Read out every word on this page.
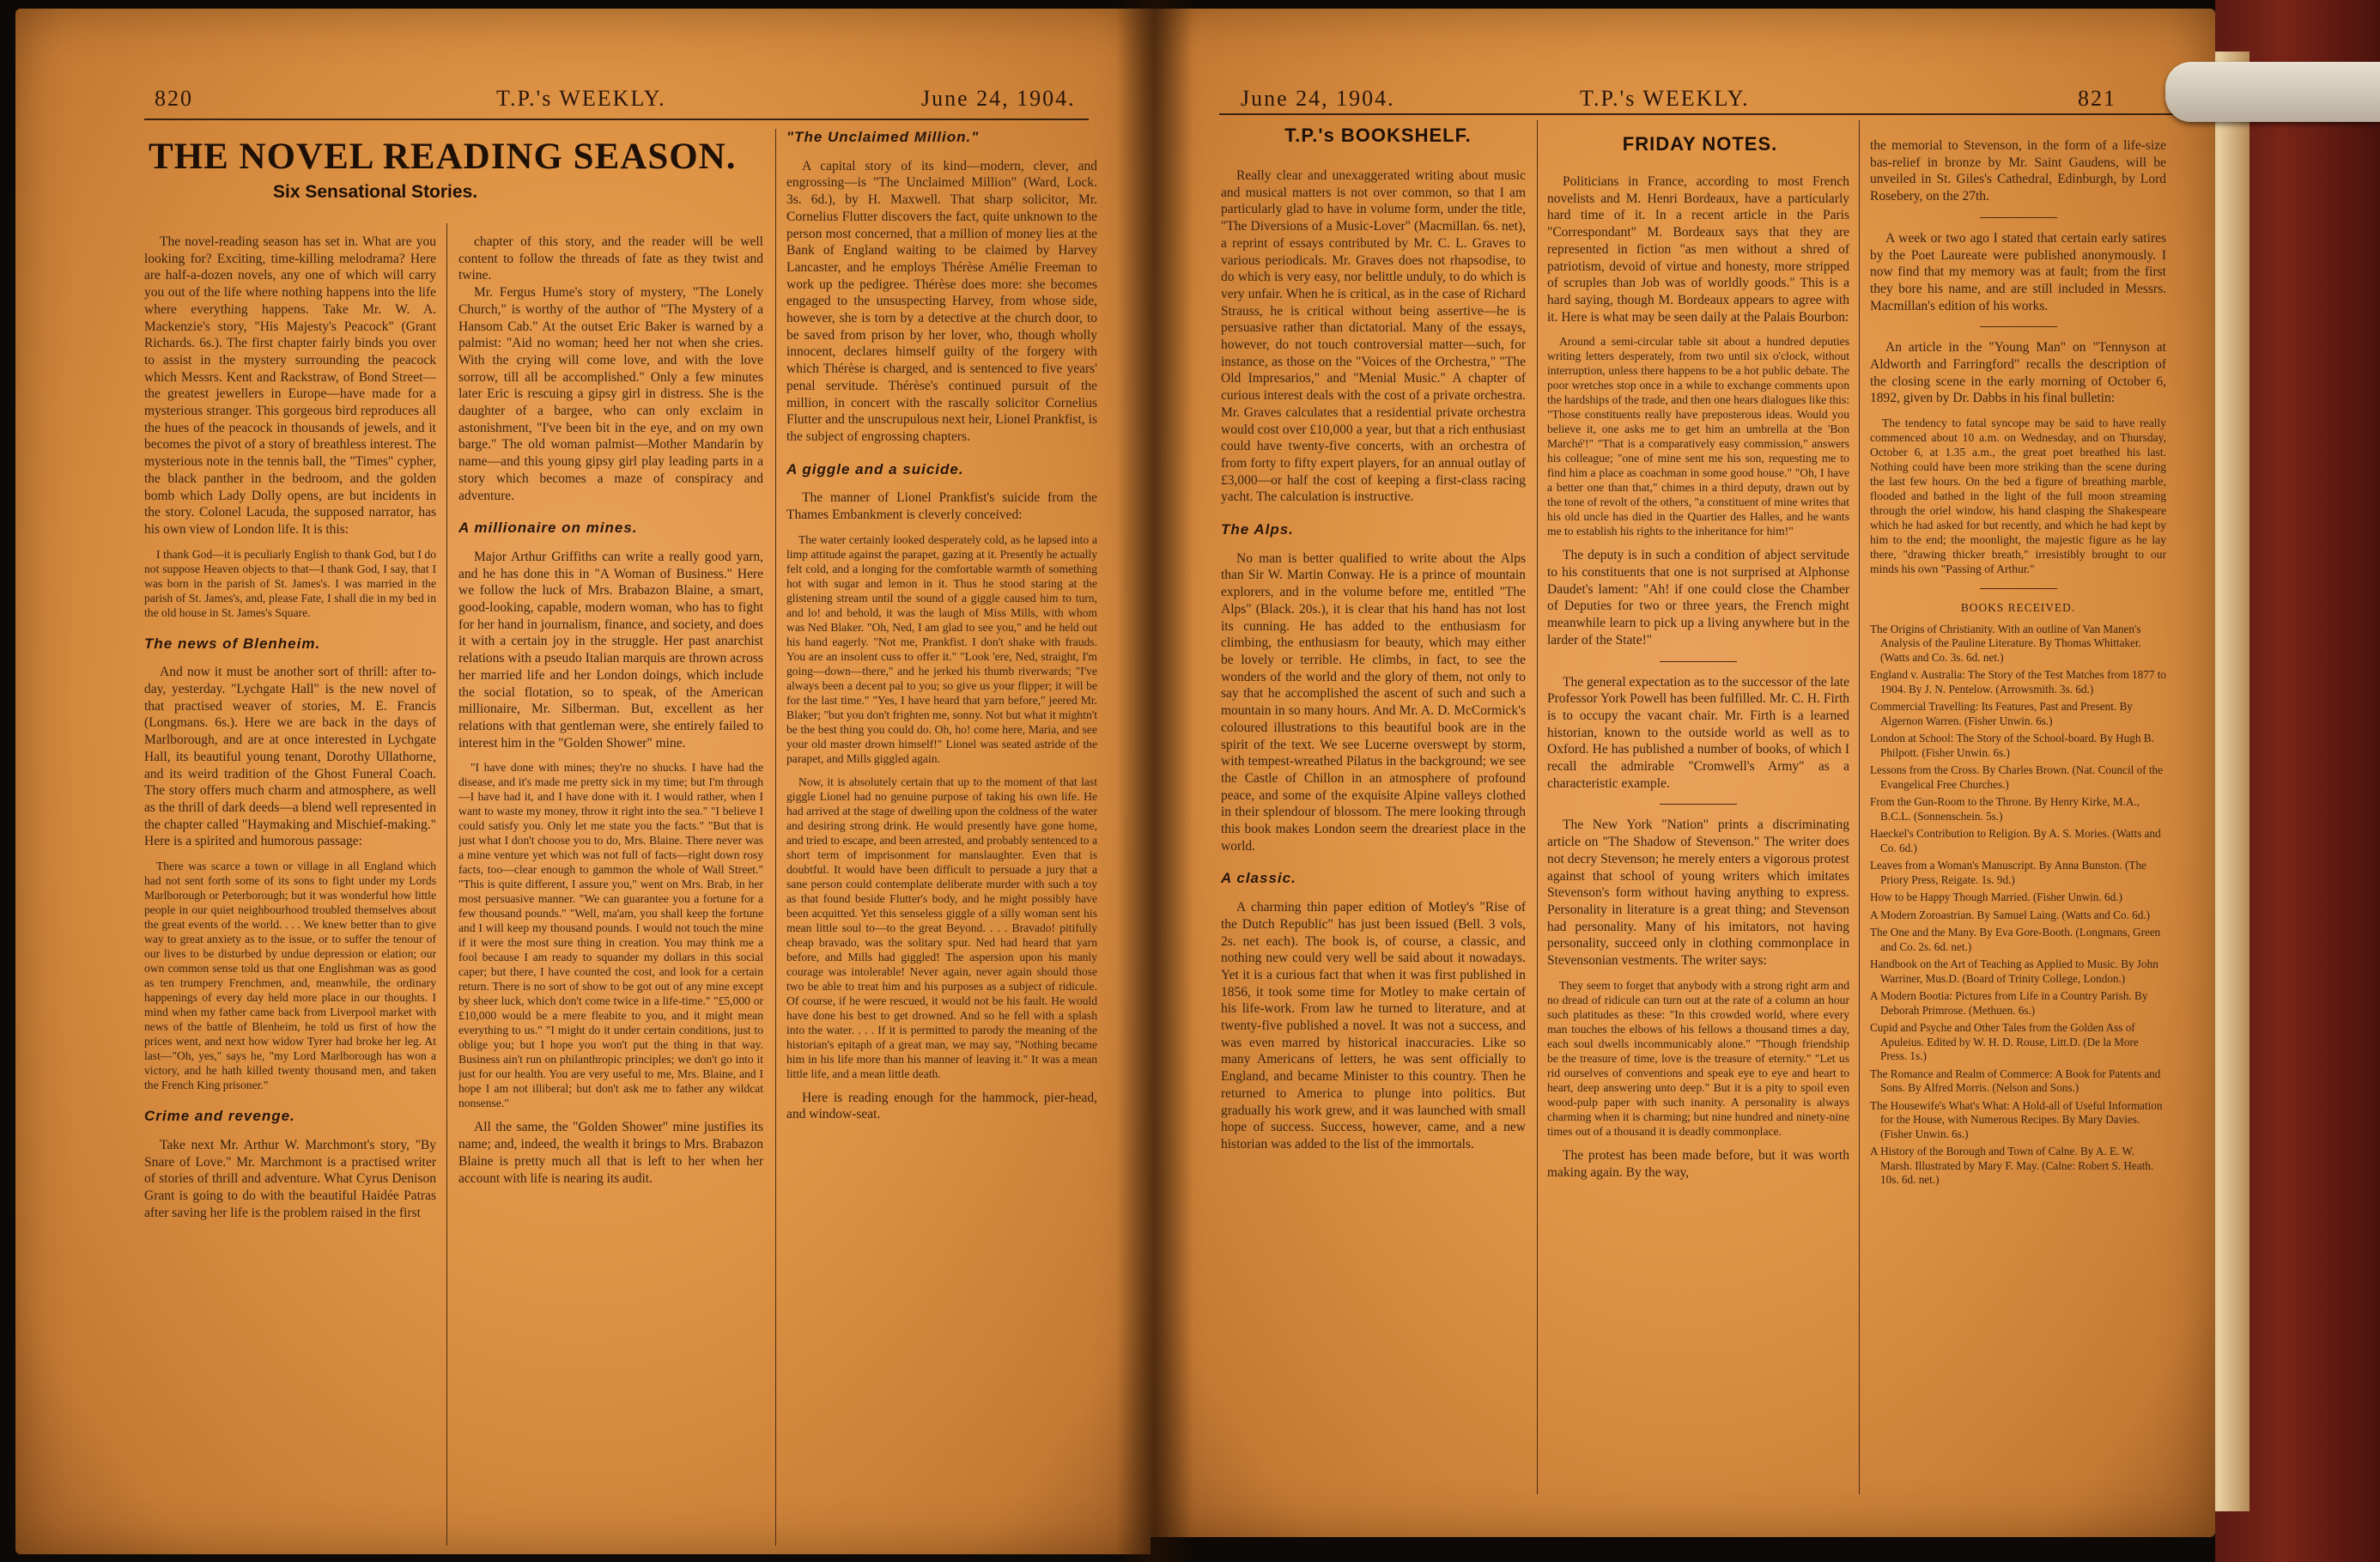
820	T.P.'s WEEKLY.	June 24, 1904.
THE NOVEL READING SEASON.
Six Sensational Stories.

The novel-reading season has set in. What are you looking for? Exciting, time-killing melodrama? Here are half-a-dozen novels, any one of which will carry you out of the life where nothing happens into the life where everything happens. Take Mr. W. A. Mackenzie's story, "His Majesty's Peacock" (Grant Richards. 6s.). The first chapter fairly binds you over to assist in the mystery surrounding the peacock which Messrs. Kent and Rackstraw, of Bond Street—the greatest jewellers in Europe—have made for a mysterious stranger. This gorgeous bird reproduces all the hues of the peacock in thousands of jewels, and it becomes the pivot of a story of breathless interest. The mysterious note in the tennis ball, the "Times" cypher, the black panther in the bedroom, and the golden bomb which Lady Dolly opens, are but incidents in the story. Colonel Lacuda, the supposed narrator, has his own view of London life. It is this:

I thank God—it is peculiarly English to thank God, but I do not suppose Heaven objects to that—I thank God, I say, that I was born in the parish of St. James's. I was married in the parish of St. James's, and, please Fate, I shall die in my bed in the old house in St. James's Square.

The news of Blenheim.

And now it must be another sort of thrill: after to-day, yesterday. "Lychgate Hall" is the new novel of that practised weaver of stories, M. E. Francis (Longmans. 6s.). Here we are back in the days of Marlborough, and are at once interested in Lychgate Hall, its beautiful young tenant, Dorothy Ullathorne, and its weird tradition of the Ghost Funeral Coach. The story offers much charm and atmosphere, as well as the thrill of dark deeds—a blend well represented in the chapter called "Haymaking and Mischief-making." Here is a spirited and humorous passage:

There was scarce a town or village in all England which had not sent forth some of its sons to fight under my Lords Marlborough or Peterborough; but it was wonderful how little people in our quiet neighbourhood troubled themselves about the great events of the world. . . . We knew better than to give way to great anxiety as to the issue, or to suffer the tenour of our lives to be disturbed by undue depression or elation; our own common sense told us that one Englishman was as good as ten trumpery Frenchmen, and, meanwhile, the ordinary happenings of every day held more place in our thoughts. I mind when my father came back from Liverpool market with news of the battle of Blenheim, he told us first of how the prices went, and next how widow Tyrer had broke her leg. At last—"Oh, yes," says he, "my Lord Marlborough has won a victory, and he hath killed twenty thousand men, and taken the French King prisoner."

Crime and revenge.

Take next Mr. Arthur W. Marchmont's story, "By Snare of Love." Mr. Marchmont is a practised writer of stories of thrill and adventure. What Cyrus Denison Grant is going to do with the beautiful Haidée Patras after saving her life is the problem raised in the first

chapter of this story, and the reader will be well content to follow the threads of fate as they twist and twine.

Mr. Fergus Hume's story of mystery, "The Lonely Church," is worthy of the author of "The Mystery of a Hansom Cab." At the outset Eric Baker is warned by a palmist: "Aid no woman; heed her not when she cries. With the crying will come love, and with the love sorrow, till all be accomplished." Only a few minutes later Eric is rescuing a gipsy girl in distress. She is the daughter of a bargee, who can only exclaim in astonishment, "I've been bit in the eye, and on my own barge." The old woman palmist—Mother Mandarin by name—and this young gipsy girl play leading parts in a story which becomes a maze of conspiracy and adventure.

A millionaire on mines.

Major Arthur Griffiths can write a really good yarn, and he has done this in "A Woman of Business." Here we follow the luck of Mrs. Brabazon Blaine, a smart, good-looking, capable, modern woman, who has to fight for her hand in journalism, finance, and society, and does it with a certain joy in the struggle. Her past anarchist relations with a pseudo Italian marquis are thrown across her married life and her London doings, which include the social flotation, so to speak, of the American millionaire, Mr. Silberman. But, excellent as her relations with that gentleman were, she entirely failed to interest him in the "Golden Shower" mine.

"I have done with mines; they're no shucks. I have had the disease, and it's made me pretty sick in my time; but I'm through—I have had it, and I have done with it. I would rather, when I want to waste my money, throw it right into the sea." "I believe I could satisfy you. Only let me state you the facts." "But that is just what I don't choose you to do, Mrs. Blaine. There never was a mine venture yet which was not full of facts—right down rosy facts, too—clear enough to gammon the whole of Wall Street." "This is quite different, I assure you," went on Mrs. Brab, in her most persuasive manner. "We can guarantee you a fortune for a few thousand pounds." "Well, ma'am, you shall keep the fortune and I will keep my thousand pounds. I would not touch the mine if it were the most sure thing in creation. You may think me a fool because I am ready to squander my dollars in this social caper; but there, I have counted the cost, and look for a certain return. There is no sort of show to be got out of any mine except by sheer luck, which don't come twice in a life-time." "£5,000 or £10,000 would be a mere fleabite to you, and it might mean everything to us." "I might do it under certain conditions, just to oblige you; but I hope you won't put the thing in that way. Business ain't run on philanthropic principles; we don't go into it just for our health. You are very useful to me, Mrs. Blaine, and I hope I am not illiberal; but don't ask me to father any wildcat nonsense."

All the same, the "Golden Shower" mine justifies its name; and, indeed, the wealth it brings to Mrs. Brabazon Blaine is pretty much all that is left to her when her account with life is nearing its audit.

"The Unclaimed Million."

A capital story of its kind—modern, clever, and engrossing—is "The Unclaimed Million" (Ward, Lock. 3s. 6d.), by H. Maxwell. That sharp solicitor, Mr. Cornelius Flutter discovers the fact, quite unknown to the person most concerned, that a million of money lies at the Bank of England waiting to be claimed by Harvey Lancaster, and he employs Thérèse Amélie Freeman to work up the pedigree. Thérèse does more: she becomes engaged to the unsuspecting Harvey, from whose side, however, she is torn by a detective at the church door, to be saved from prison by her lover, who, though wholly innocent, declares himself guilty of the forgery with which Thérèse is charged, and is sentenced to five years' penal servitude. Thérèse's continued pursuit of the million, in concert with the rascally solicitor Cornelius Flutter and the unscrupulous next heir, Lionel Prankfist, is the subject of engrossing chapters.

A giggle and a suicide.

The manner of Lionel Prankfist's suicide from the Thames Embankment is cleverly conceived:

The water certainly looked desperately cold, as he lapsed into a limp attitude against the parapet, gazing at it. Presently he actually felt cold, and a longing for the comfortable warmth of something hot with sugar and lemon in it. Thus he stood staring at the glistening stream until the sound of a giggle caused him to turn, and lo! and behold, it was the laugh of Miss Mills, with whom was Ned Blaker. "Oh, Ned, I am glad to see you," and he held out his hand eagerly. "Not me, Prankfist. I don't shake with frauds. You are an insolent cuss to offer it." "Look 'ere, Ned, straight, I'm going—down—there," and he jerked his thumb riverwards; "I've always been a decent pal to you; so give us your flipper; it will be for the last time." "Yes, I have heard that yarn before," jeered Mr. Blaker; "but you don't frighten me, sonny. Not but what it mightn't be the best thing you could do. Oh, ho! come here, Maria, and see your old master drown himself!" Lionel was seated astride of the parapet, and Mills giggled again.

Now, it is absolutely certain that up to the moment of that last giggle Lionel had no genuine purpose of taking his own life. He had arrived at the stage of dwelling upon the coldness of the water and desiring strong drink. He would presently have gone home, and tried to escape, and been arrested, and probably sentenced to a short term of imprisonment for manslaughter. Even that is doubtful. It would have been difficult to persuade a jury that a sane person could contemplate deliberate murder with such a toy as that found beside Flutter's body, and he might possibly have been acquitted. Yet this senseless giggle of a silly woman sent his mean little soul to—to the great Beyond. . . . Bravado! pitifully cheap bravado, was the solitary spur. Ned had heard that yarn before, and Mills had giggled! The aspersion upon his manly courage was intolerable! Never again, never again should those two be able to treat him and his purposes as a subject of ridicule. Of course, if he were rescued, it would not be his fault. He would have done his best to get drowned. And so he fell with a splash into the water. . . . If it is permitted to parody the meaning of the historian's epitaph of a great man, we may say, "Nothing became him in his life more than his manner of leaving it." It was a mean little life, and a mean little death.

Here is reading enough for the hammock, pier-head, and window-seat.

June 24, 1904.	T.P.'s WEEKLY.	821
T.P.'s BOOKSHELF.	FRIDAY NOTES.

Really clear and unexaggerated writing about music and musical matters is not over common, so that I am particularly glad to have in volume form, under the title, "The Diversions of a Music-Lover" (Macmillan. 6s. net), a reprint of essays contributed by Mr. C. L. Graves to various periodicals. Mr. Graves does not rhapsodise, to do which is very easy, nor belittle unduly, to do which is very unfair. When he is critical, as in the case of Richard Strauss, he is critical without being assertive—he is persuasive rather than dictatorial. Many of the essays, however, do not touch controversial matter—such, for instance, as those on the "Voices of the Orchestra," "The Old Impresarios," and "Menial Music." A chapter of curious interest deals with the cost of a private orchestra. Mr. Graves calculates that a residential private orchestra would cost over £10,000 a year, but that a rich enthusiast could have twenty-five concerts, with an orchestra of from forty to fifty expert players, for an annual outlay of £3,000—or half the cost of keeping a first-class racing yacht. The calculation is instructive.

The Alps.

No man is better qualified to write about the Alps than Sir W. Martin Conway. He is a prince of mountain explorers, and in the volume before me, entitled "The Alps" (Black. 20s.), it is clear that his hand has not lost its cunning. He has added to the enthusiasm for climbing, the enthusiasm for beauty, which may either be lovely or terrible. He climbs, in fact, to see the wonders of the world and the glory of them, not only to say that he accomplished the ascent of such and such a mountain in so many hours. And Mr. A. D. McCormick's coloured illustrations to this beautiful book are in the spirit of the text. We see Lucerne overswept by storm, with tempest-wreathed Pilatus in the background; we see the Castle of Chillon in an atmosphere of profound peace, and some of the exquisite Alpine valleys clothed in their splendour of blossom. The mere looking through this book makes London seem the dreariest place in the world.

A classic.

A charming thin paper edition of Motley's "Rise of the Dutch Republic" has just been issued (Bell. 3 vols, 2s. net each). The book is, of course, a classic, and nothing new could very well be said about it nowadays. Yet it is a curious fact that when it was first published in 1856, it took some time for Motley to make certain of his life-work. From law he turned to literature, and at twenty-five published a novel. It was not a success, and was even marred by historical inaccuracies. Like so many Americans of letters, he was sent officially to England, and became Minister to this country. Then he returned to America to plunge into politics. But gradually his work grew, and it was launched with small hope of success. Success, however, came, and a new historian was added to the list of the immortals.

Politicians in France, according to most French novelists and M. Henri Bordeaux, have a particularly hard time of it. In a recent article in the Paris "Correspondant" M. Bordeaux says that they are represented in fiction "as men without a shred of patriotism, devoid of virtue and honesty, more stripped of scruples than Job was of worldly goods." This is a hard saying, though M. Bordeaux appears to agree with it. Here is what may be seen daily at the Palais Bourbon:

Around a semi-circular table sit about a hundred deputies writing letters desperately, from two until six o'clock, without interruption, unless there happens to be a hot public debate. The poor wretches stop once in a while to exchange comments upon the hardships of the trade, and then one hears dialogues like this: "Those constituents really have preposterous ideas. Would you believe it, one asks me to get him an umbrella at the 'Bon Marché'!" "That is a comparatively easy commission," answers his colleague; "one of mine sent me his son, requesting me to find him a place as coachman in some good house." "Oh, I have a better one than that," chimes in a third deputy, drawn out by the tone of revolt of the others, "a constituent of mine writes that his old uncle has died in the Quartier des Halles, and he wants me to establish his rights to the inheritance for him!"

The deputy is in such a condition of abject servitude to his constituents that one is not surprised at Alphonse Daudet's lament: "Ah! if one could close the Chamber of Deputies for two or three years, the French might meanwhile learn to pick up a living anywhere but in the larder of the State!"

The general expectation as to the successor of the late Professor York Powell has been fulfilled. Mr. C. H. Firth is to occupy the vacant chair. Mr. Firth is a learned historian, known to the outside world as well as to Oxford. He has published a number of books, of which I recall the admirable "Cromwell's Army" as a characteristic example.

The New York "Nation" prints a discriminating article on "The Shadow of Stevenson." The writer does not decry Stevenson; he merely enters a vigorous protest against that school of young writers which imitates Stevenson's form without having anything to express. Personality in literature is a great thing; and Stevenson had personality. Many of his imitators, not having personality, succeed only in clothing commonplace in Stevensonian vestments. The writer says:

They seem to forget that anybody with a strong right arm and no dread of ridicule can turn out at the rate of a column an hour such platitudes as these: "In this crowded world, where every man touches the elbows of his fellows a thousand times a day, each soul dwells incommunicably alone." "Though friendship be the treasure of time, love is the treasure of eternity." "Let us rid ourselves of conventions and speak eye to eye and heart to heart, deep answering unto deep." But it is a pity to spoil even wood-pulp paper with such inanity. A personality is always charming when it is charming; but nine hundred and ninety-nine times out of a thousand it is deadly commonplace.

The protest has been made before, but it was worth making again. By the way,

the memorial to Stevenson, in the form of a life-size bas-relief in bronze by Mr. Saint Gaudens, will be unveiled in St. Giles's Cathedral, Edinburgh, by Lord Rosebery, on the 27th.

A week or two ago I stated that certain early satires by the Poet Laureate were published anonymously. I now find that my memory was at fault; from the first they bore his name, and are still included in Messrs. Macmillan's edition of his works.

An article in the "Young Man" on "Tennyson at Aldworth and Farringford" recalls the description of the closing scene in the early morning of October 6, 1892, given by Dr. Dabbs in his final bulletin:

The tendency to fatal syncope may be said to have really commenced about 10 a.m. on Wednesday, and on Thursday, October 6, at 1.35 a.m., the great poet breathed his last. Nothing could have been more striking than the scene during the last few hours. On the bed a figure of breathing marble, flooded and bathed in the light of the full moon streaming through the oriel window, his hand clasping the Shakespeare which he had asked for but recently, and which he had kept by him to the end; the moonlight, the majestic figure as he lay there, "drawing thicker breath," irresistibly brought to our minds his own "Passing of Arthur."

BOOKS RECEIVED.

The Origins of Christianity. With an outline of Van Manen's Analysis of the Pauline Literature. By Thomas Whittaker. (Watts and Co. 3s. 6d. net.)

England v. Australia: The Story of the Test Matches from 1877 to 1904. By J. N. Pentelow. (Arrowsmith. 3s. 6d.)

Commercial Travelling: Its Features, Past and Present. By Algernon Warren. (Fisher Unwin. 6s.)

London at School: The Story of the School-board. By Hugh B. Philpott. (Fisher Unwin. 6s.)

Lessons from the Cross. By Charles Brown. (Nat. Council of the Evangelical Free Churches.)

From the Gun-Room to the Throne. By Henry Kirke, M.A., B.C.L. (Sonnenschein. 5s.)

Haeckel's Contribution to Religion. By A. S. Mories. (Watts and Co. 6d.)

Leaves from a Woman's Manuscript. By Anna Bunston. (The Priory Press, Reigate. 1s. 9d.)

How to be Happy Though Married. (Fisher Unwin. 6d.)

A Modern Zoroastrian. By Samuel Laing. (Watts and Co. 6d.)

The One and the Many. By Eva Gore-Booth. (Longmans, Green and Co. 2s. 6d. net.)

Handbook on the Art of Teaching as Applied to Music. By John Warriner, Mus.D. (Board of Trinity College, London.)

A Modern Bootia: Pictures from Life in a Country Parish. By Deborah Primrose. (Methuen. 6s.)

Cupid and Psyche and Other Tales from the Golden Ass of Apuleius. Edited by W. H. D. Rouse, Litt.D. (De la More Press. 1s.)

The Romance and Realm of Commerce: A Book for Patents and Sons. By Alfred Morris. (Nelson and Sons.)

The Housewife's What's What: A Hold-all of Useful Information for the House, with Numerous Recipes. By Mary Davies. (Fisher Unwin. 6s.)

A History of the Borough and Town of Calne. By A. E. W. Marsh. Illustrated by Mary F. May. (Calne: Robert S. Heath. 10s. 6d. net.)
